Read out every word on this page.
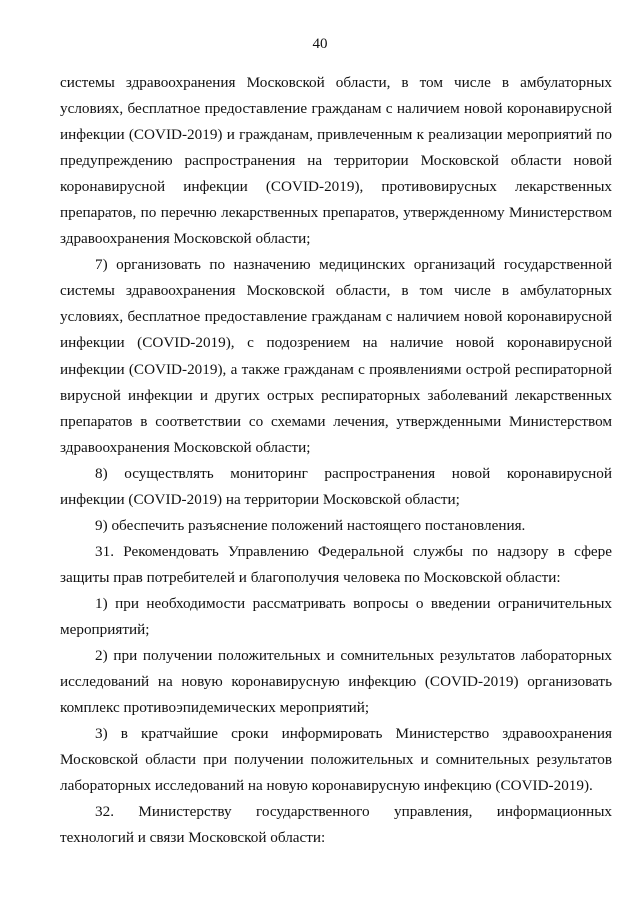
40
системы здравоохранения Московской области, в том числе в амбулаторных
условиях, бесплатное предоставление гражданам с наличием новой коронавирусной
инфекции (COVID-2019) и гражданам, привлеченным к реализации мероприятий по
предупреждению распространения на территории Московской области новой
коронавирусной инфекции (COVID-2019), противовирусных лекарственных
препаратов, по перечню лекарственных препаратов, утвержденному Министерством
здравоохранения Московской области;
7) организовать по назначению медицинских организаций государственной
системы здравоохранения Московской области, в том числе в амбулаторных
условиях, бесплатное предоставление гражданам с наличием новой коронавирусной
инфекции (COVID-2019), с подозрением на наличие новой коронавирусной
инфекции (COVID-2019), а также гражданам с проявлениями острой респираторной
вирусной инфекции и других острых респираторных заболеваний лекарственных
препаратов в соответствии со схемами лечения, утвержденными Министерством
здравоохранения Московской области;
8) осуществлять мониторинг распространения новой коронавирусной
инфекции (COVID-2019) на территории Московской области;
9) обеспечить разъяснение положений настоящего постановления.
31. Рекомендовать Управлению Федеральной службы по надзору в сфере
защиты прав потребителей и благополучия человека по Московской области:
1) при необходимости рассматривать вопросы о введении ограничительных
мероприятий;
2) при получении положительных и сомнительных результатов лабораторных
исследований на новую коронавирусную инфекцию (COVID-2019) организовать
комплекс противоэпидемических мероприятий;
3) в кратчайшие сроки информировать Министерство здравоохранения
Московской области при получении положительных и сомнительных результатов
лабораторных исследований на новую коронавирусную инфекцию (COVID-2019).
32. Министерству государственного управления, информационных
технологий и связи Московской области:
